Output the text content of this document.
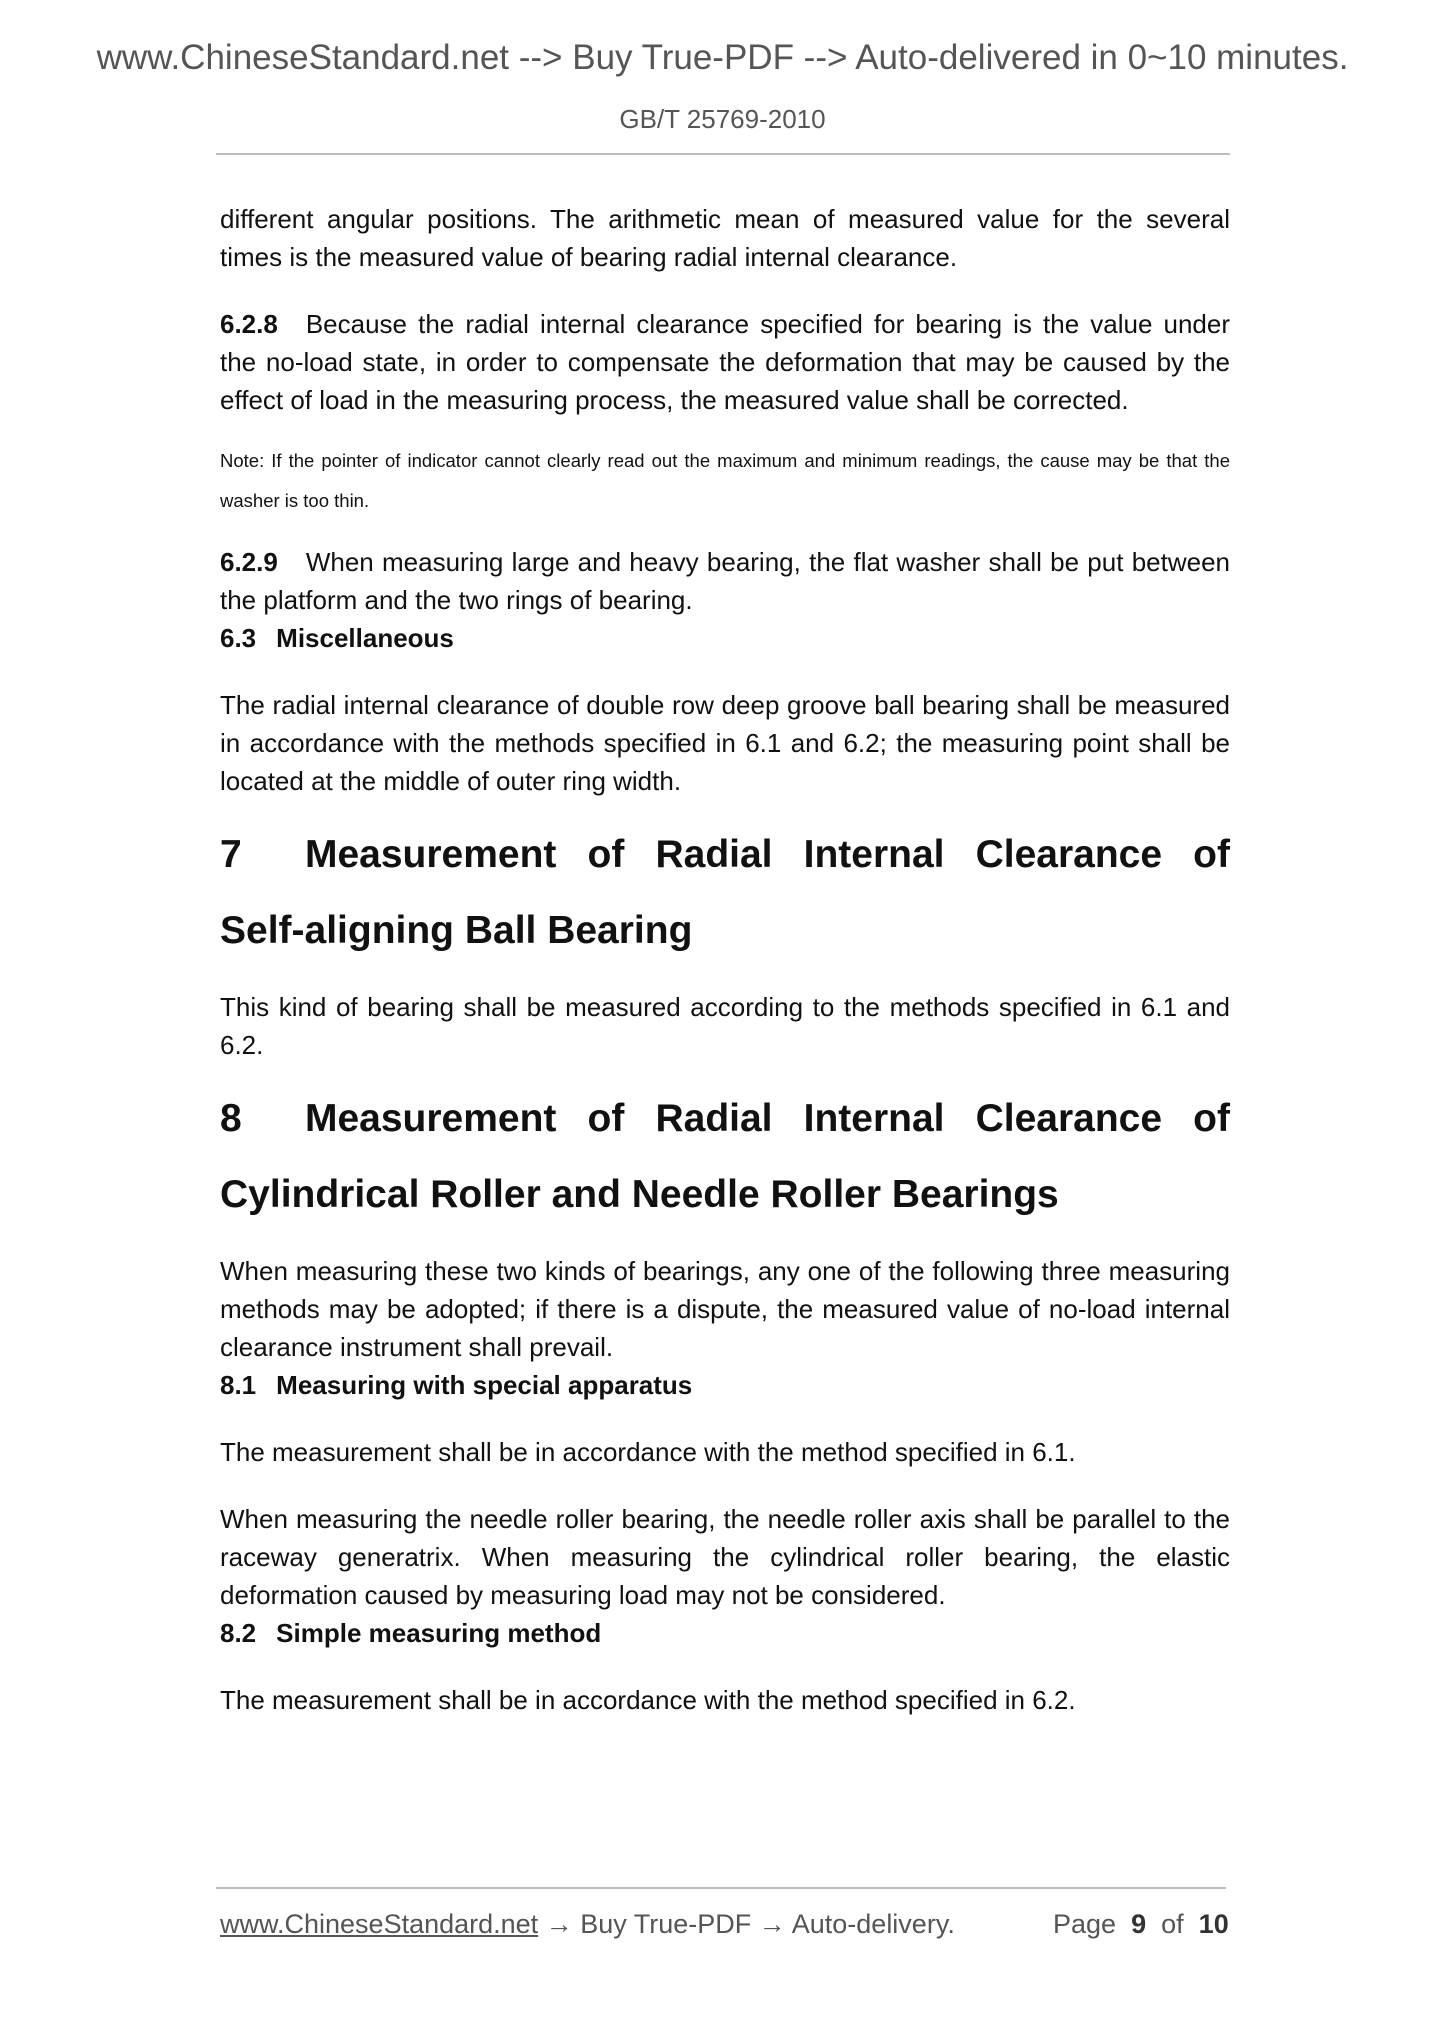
www.ChineseStandard.net --> Buy True-PDF --> Auto-delivered in 0~10 minutes.
GB/T 25769-2010

different angular positions. The arithmetic mean of measured value for the several times is the measured value of bearing radial internal clearance.

6.2.8 Because the radial internal clearance specified for bearing is the value under the no-load state, in order to compensate the deformation that may be caused by the effect of load in the measuring process, the measured value shall be corrected.

Note: If the pointer of indicator cannot clearly read out the maximum and minimum readings, the cause may be that the washer is too thin.

6.2.9 When measuring large and heavy bearing, the flat washer shall be put between the platform and the two rings of bearing.

6.3 Miscellaneous

The radial internal clearance of double row deep groove ball bearing shall be measured in accordance with the methods specified in 6.1 and 6.2; the measuring point shall be located at the middle of outer ring width.

7	Measurement of Radial Internal Clearance of
Self-aligning Ball Bearing

This kind of bearing shall be measured according to the methods specified in 6.1 and 6.2.

8	Measurement of Radial Internal Clearance of
Cylindrical Roller and Needle Roller Bearings

When measuring these two kinds of bearings, any one of the following three measuring methods may be adopted; if there is a dispute, the measured value of no-load internal clearance instrument shall prevail.

8.1 Measuring with special apparatus

The measurement shall be in accordance with the method specified in 6.1.

When measuring the needle roller bearing, the needle roller axis shall be parallel to the raceway generatrix. When measuring the cylindrical roller bearing, the elastic deformation caused by measuring load may not be considered.

8.2 Simple measuring method

The measurement shall be in accordance with the method specified in 6.2.

www.ChineseStandard.net → Buy True-PDF → Auto-delivery.	Page 9 of 10
